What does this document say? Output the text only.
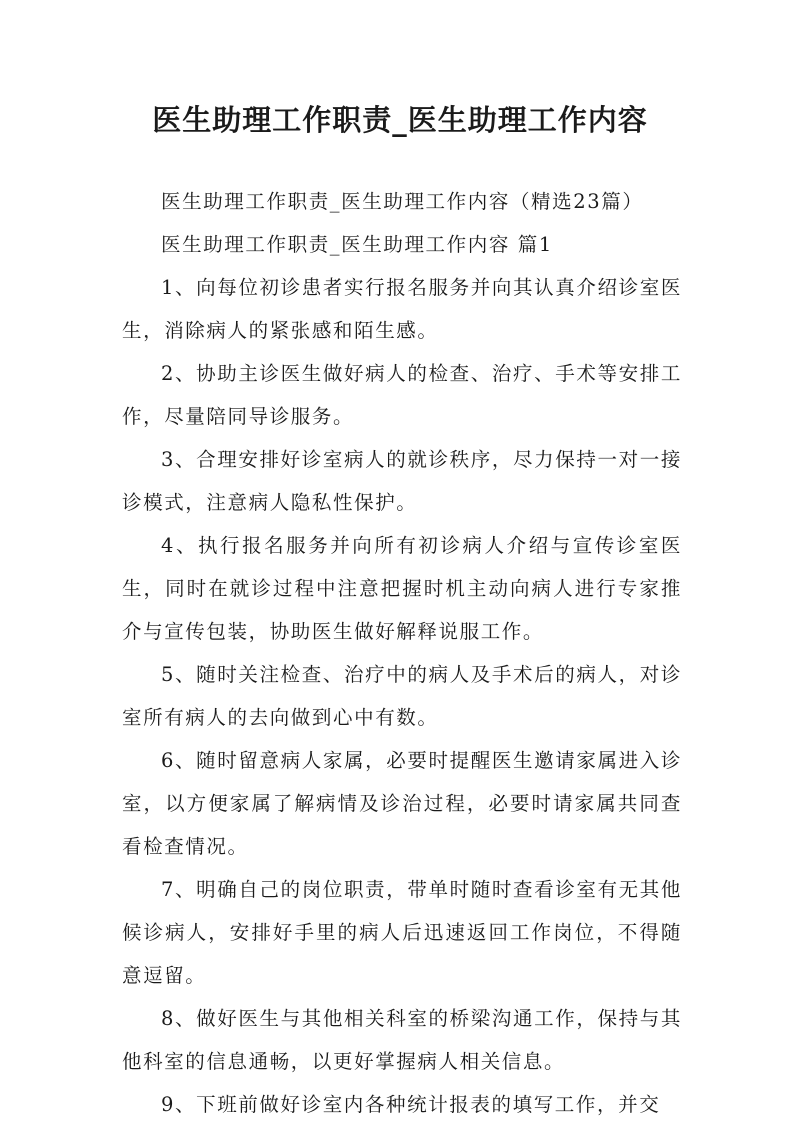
医生助理工作职责_医生助理工作内容

医生助理工作职责_医生助理工作内容（精选23篇）

医生助理工作职责_医生助理工作内容 篇1

1、向每位初诊患者实行报名服务并向其认真介绍诊室医生，消除病人的紧张感和陌生感。

2、协助主诊医生做好病人的检查、治疗、手术等安排工作，尽量陪同导诊服务。

3、合理安排好诊室病人的就诊秩序，尽力保持一对一接诊模式，注意病人隐私性保护。

4、执行报名服务并向所有初诊病人介绍与宣传诊室医生，同时在就诊过程中注意把握时机主动向病人进行专家推介与宣传包装，协助医生做好解释说服工作。

5、随时关注检查、治疗中的病人及手术后的病人，对诊室所有病人的去向做到心中有数。

6、随时留意病人家属，必要时提醒医生邀请家属进入诊室，以方便家属了解病情及诊治过程，必要时请家属共同查看检查情况。

7、明确自己的岗位职责，带单时随时查看诊室有无其他候诊病人，安排好手里的病人后迅速返回工作岗位，不得随意逗留。

8、做好医生与其他相关科室的桥梁沟通工作，保持与其他科室的信息通畅，以更好掌握病人相关信息。

9、下班前做好诊室内各种统计报表的填写工作，并交
